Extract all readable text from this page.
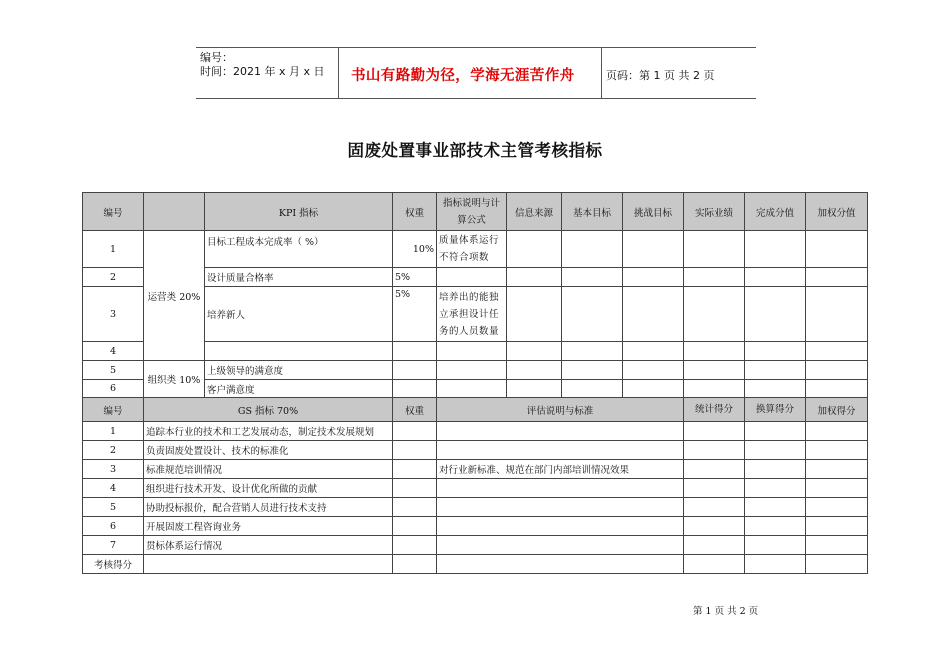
编号：
时间：2021 年 x 月 x 日 书山有路勤为径，学海无涯苦作舟	页码：第 1 页 共 2 页
固废处置事业部技术主管考核指标
编号		KPI 指标	权重	指标说明与计算公式	信息来源	基本目标	挑战目标	实际业绩	完成分值	加权分值
1	运营类 20%	目标工程成本完成率（ %）	10%	质量体系运行不符合项数						
2		设计质量合格率	5%							
3		培养新人	5%	培养出的能独立承担设计任务的人员数量						
4										
5	组织类 10%	上级领导的满意度								
6		客户满意度								
编号	GS 指标 70%		权重	评估说明与标准				统计得分	换算得分	加权得分
1	追踪本行业的技术和工艺发展动态，制定技术发展规划									
2	负责固废处置设计、技术的标准化									
3	标准规范培训情况			对行业新标准、规范在部门内部培训情况效果						
4	组织进行技术开发、设计优化所做的贡献									
5	协助投标报价，配合营销人员进行技术支持									
6	开展固废工程咨询业务									
7	贯标体系运行情况									
考核得分										
第 1 页 共 2 页
